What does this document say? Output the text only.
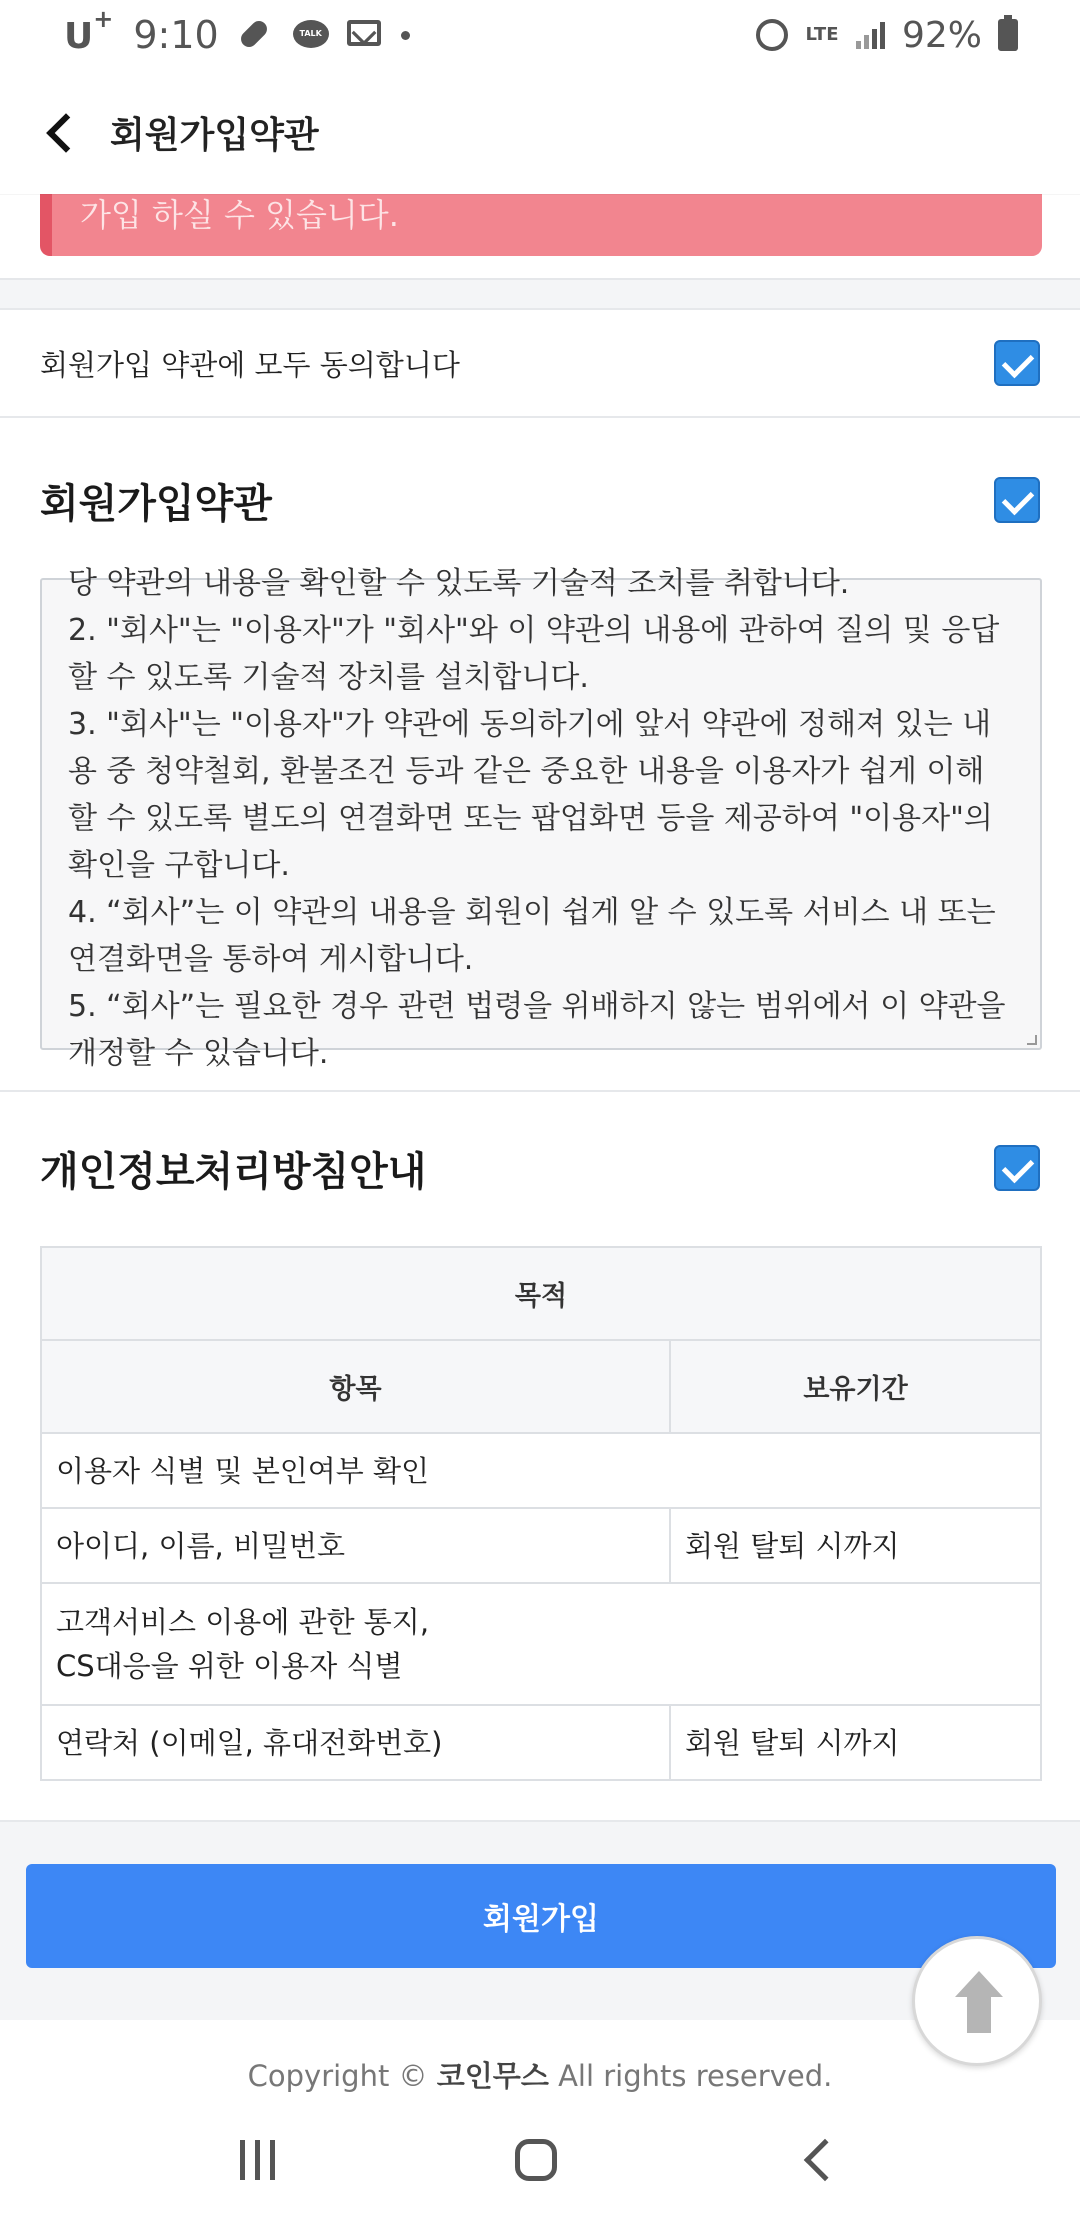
U+ 9:10	TALK	LTE 92%
회원가입약관
가입 하실 수 있습니다.
회원가입 약관에 모두 동의합니다
회원가입약관

당 약관의 내용을 확인할 수 있도록 기술적 조치를 취합니다.

2. "회사"는 "이용자"가 "회사"와 이 약관의 내용에 관하여 질의 및 응답할 수 있도록 기술적 장치를 설치합니다.

3. "회사"는 "이용자"가 약관에 동의하기에 앞서 약관에 정해져 있는 내용 중 청약철회, 환불조건 등과 같은 중요한 내용을 이용자가 쉽게 이해할 수 있도록 별도의 연결화면 또는 팝업화면 등을 제공하여 "이용자"의 확인을 구합니다.

4. “회사”는 이 약관의 내용을 회원이 쉽게 알 수 있도록 서비스 내 또는 연결화면을 통하여 게시합니다.

5. “회사”는 필요한 경우 관련 법령을 위배하지 않는 범위에서 이 약관을 개정할 수 있습니다.

개인정보처리방침안내
목적	
항목	보유기간
이용자 식별 및 본인여부 확인	
아이디, 이름, 비밀번호	회원 탈퇴 시까지
고객서비스 이용에 관한 통지,
CS대응을 위한 이용자 식별	
연락처 (이메일, 휴대전화번호)	회원 탈퇴 시까지
회원가입
Copyright © 코인무스 All rights reserved.
